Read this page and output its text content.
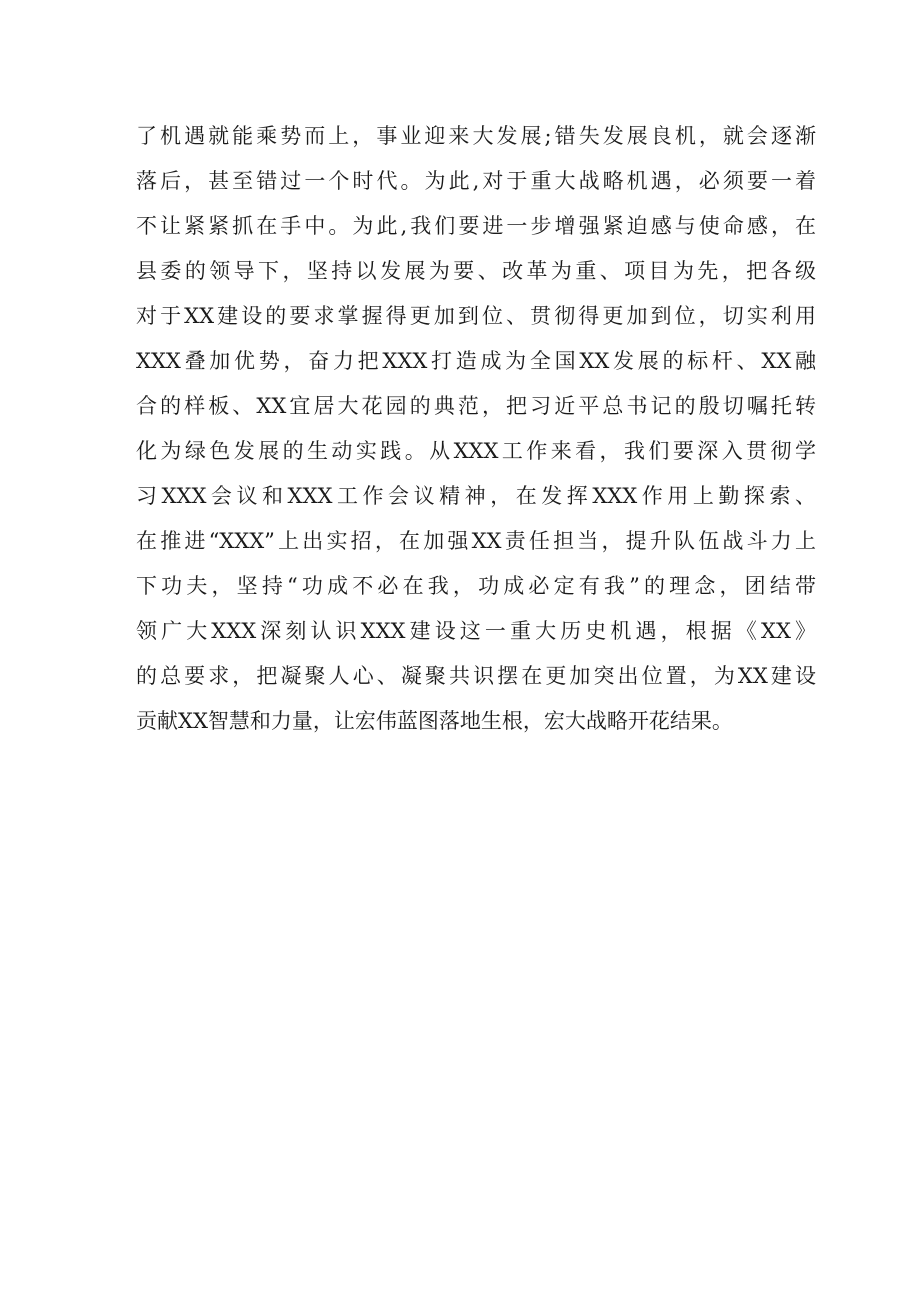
了机遇就能乘势而上，事业迎来大发展;错失发展良机，就会逐渐
落后，甚至错过一个时代。为此,对于重大战略机遇，必须要一着
不让紧紧抓在手中。为此,我们要进一步增强紧迫感与使命感，在
县委的领导下，坚持以发展为要、改革为重、项目为先，把各级
对于XX建设的要求掌握得更加到位、贯彻得更加到位，切实利用
XXX叠加优势，奋力把XXX打造成为全国XX发展的标杆、XX融
合的样板、XX宜居大花园的典范，把习近平总书记的殷切嘱托转
化为绿色发展的生动实践。从XXX工作来看，我们要深入贯彻学
习XXX会议和XXX工作会议精神，在发挥XXX作用上勤探索、
在推进“XXX”上出实招，在加强XX责任担当，提升队伍战斗力上
下功夫，坚持“功成不必在我，功成必定有我”的理念，团结带
领广大XXX深刻认识XXX建设这一重大历史机遇，根据《XX》
的总要求，把凝聚人心、凝聚共识摆在更加突出位置，为XX建设
贡献XX智慧和力量，让宏伟蓝图落地生根，宏大战略开花结果。
